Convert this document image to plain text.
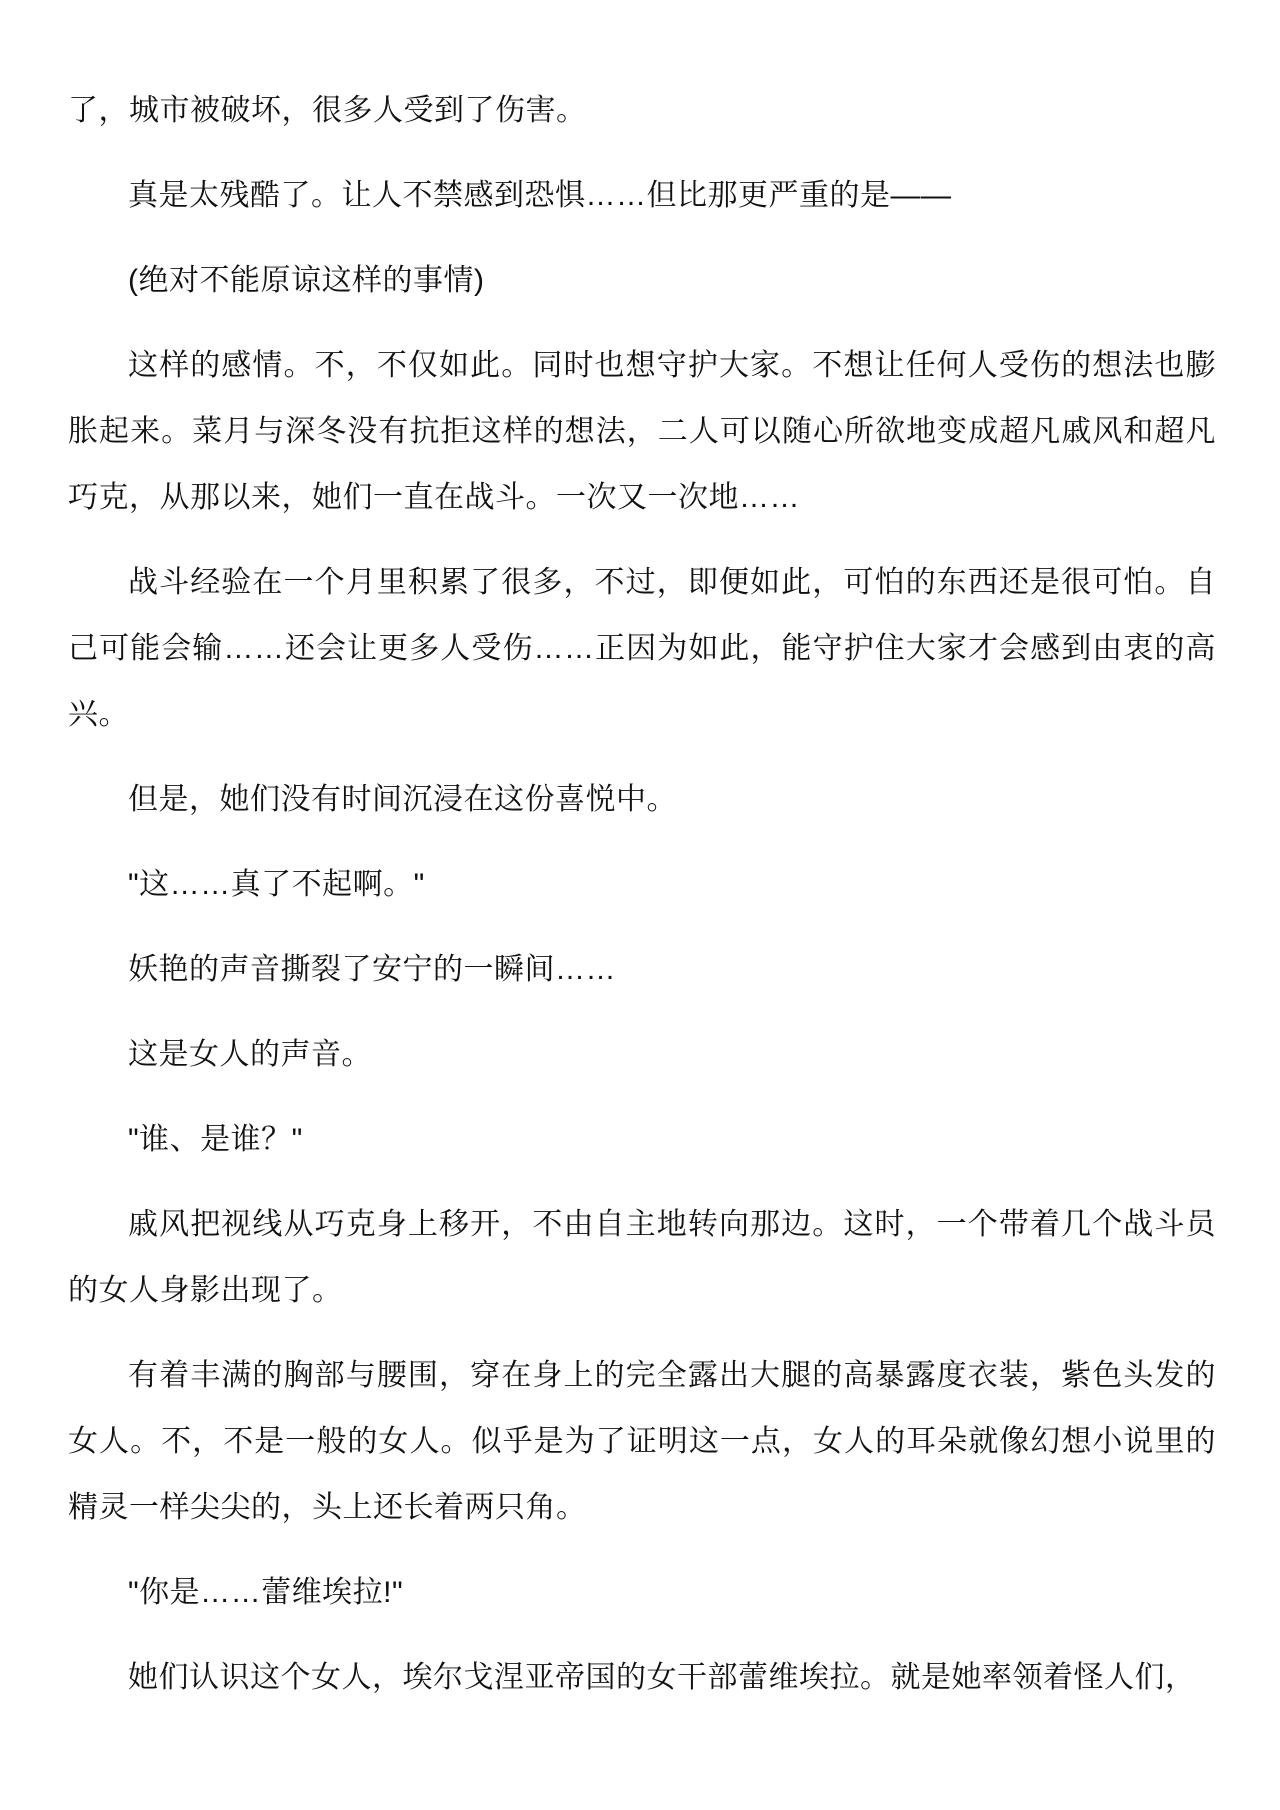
了，城市被破坏，很多人受到了伤害。

真是太残酷了。让人不禁感到恐惧……但比那更严重的是——

(绝对不能原谅这样的事情)

这样的感情。不，不仅如此。同时也想守护大家。不想让任何人受伤的想法也膨胀起来。菜月与深冬没有抗拒这样的想法，二人可以随心所欲地变成超凡戚风和超凡巧克，从那以来，她们一直在战斗。一次又一次地……

战斗经验在一个月里积累了很多，不过，即便如此，可怕的东西还是很可怕。自己可能会输……还会让更多人受伤……正因为如此，能守护住大家才会感到由衷的高兴。

但是，她们没有时间沉浸在这份喜悦中。

"这……真了不起啊。"

妖艳的声音撕裂了安宁的一瞬间……

这是女人的声音。

"谁、是谁？"

戚风把视线从巧克身上移开，不由自主地转向那边。这时，一个带着几个战斗员的女人身影出现了。

有着丰满的胸部与腰围，穿在身上的完全露出大腿的高暴露度衣装，紫色头发的女人。不，不是一般的女人。似乎是为了证明这一点，女人的耳朵就像幻想小说里的精灵一样尖尖的，头上还长着两只角。

"你是……蕾维埃拉!"

她们认识这个女人，埃尔戈涅亚帝国的女干部蕾维埃拉。就是她率领着怪人们，
